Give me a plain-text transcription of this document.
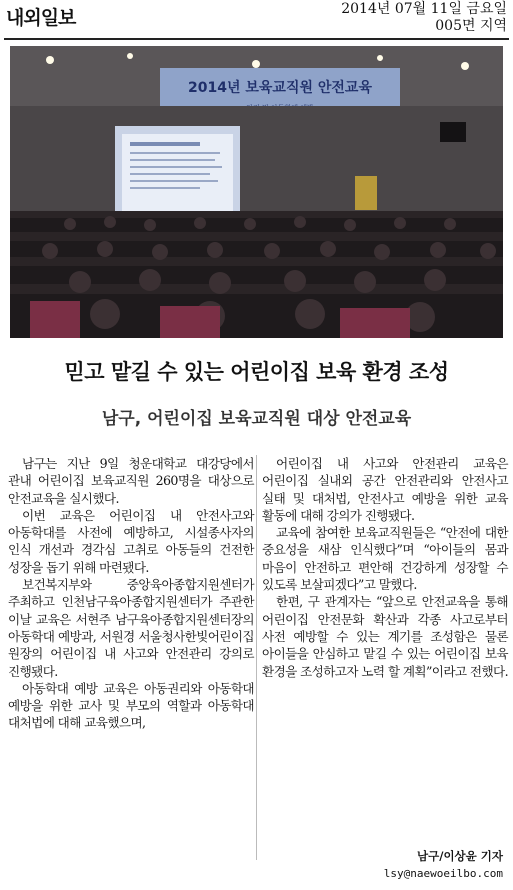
내외일보	2014년 07월 11일 금요일
005면 지역
2014년 보육교직원 안전교육
믿고 맡길 수 있는 어린이집 보육 환경 조성
남구, 어린이집 보육교직원 대상 안전교육

남구는 지난 9일 청운대학교 대강당에서 관내 어린이집 보육교직원 260명을 대상으로 안전교육을 실시했다.

이번 교육은 어린이집 내 안전사고와 아동학대를 사전에 예방하고, 시설종사자의 인식 개선과 경각심 고취로 아동들의 건전한 성장을 돕기 위해 마련됐다.

보건복지부와 중앙육아종합지원센터가 주최하고 인천남구육아종합지원센터가 주관한 이날 교육은 서현주 남구육아종합지원센터장의 아동학대 예방과, 서원경 서울청사한빛어린이집 원장의 어린이집 내 사고와 안전관리 강의로 진행됐다.

아동학대 예방 교육은 아동권리와 아동학대 예방을 위한 교사 및 부모의 역할과 아동학대 대처법에 대해 교육했으며,

어린이집 내 사고와 안전관리 교육은 어린이집 실내외 공간 안전관리와 안전사고 실태 및 대처법, 안전사고 예방을 위한 교육 활동에 대해 강의가 진행됐다.

교육에 참여한 보육교직원들은 “안전에 대한 중요성을 새삼 인식했다”며 “아이들의 몸과 마음이 안전하고 편안해 건강하게 성장할 수 있도록 보살피겠다”고 말했다.

한편, 구 관계자는 “앞으로 안전교육을 통해 어린이집 안전문화 확산과 각종 사고로부터 사전 예방할 수 있는 계기를 조성함은 물론 아이들을 안심하고 맡길 수 있는 어린이집 보육 환경을 조성하고자 노력 할 계획”이라고 전했다.

남구/이상윤 기자
lsy@naewoeilbo.com
